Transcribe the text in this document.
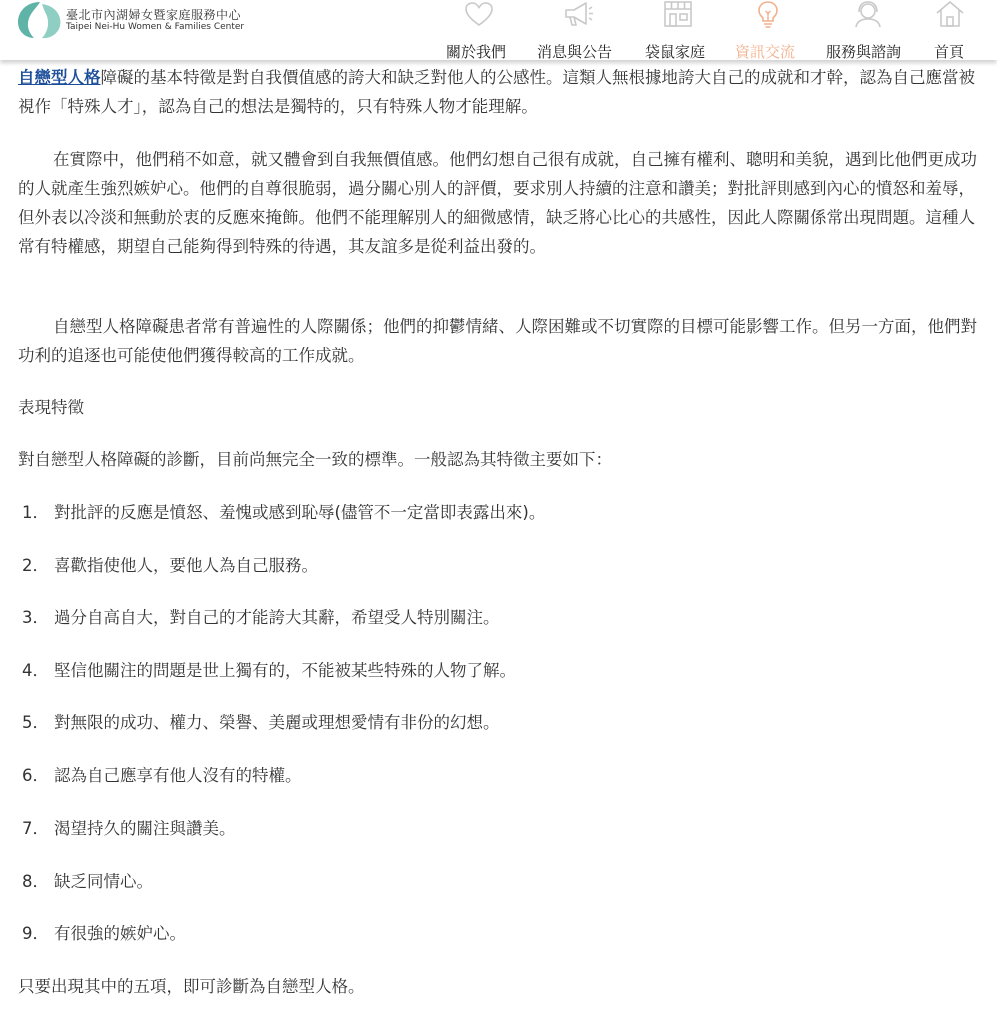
自戀型人格障礙的基本特徵是對自我價值感的誇大和缺乏對他人的公感性。這類人無根據地誇大自己的成就和才幹，認為自己應當被視作「特殊人才」，認為自己的想法是獨特的，只有特殊人物才能理解。

在實際中，他們稍不如意，就又體會到自我無價值感。他們幻想自己很有成就，自己擁有權利、聰明和美貌，遇到比他們更成功的人就產生強烈嫉妒心。他們的自尊很脆弱，過分關心別人的評價，要求別人持續的注意和讚美；對批評則感到內心的憤怒和羞辱，但外表以冷淡和無動於衷的反應來掩飾。他們不能理解別人的細微感情，缺乏將心比心的共感性，因此人際關係常出現問題。這種人常有特權感，期望自己能夠得到特殊的待遇，其友誼多是從利益出發的。

自戀型人格障礙患者常有普遍性的人際關係；他們的抑鬱情緒、人際困難或不切實際的目標可能影響工作。但另一方面，他們對功利的追逐也可能使他們獲得較高的工作成就。

表現特徵
對自戀型人格障礙的診斷，目前尚無完全一致的標準。一般認為其特徵主要如下：
1． 對批評的反應是憤怒、羞愧或感到恥辱(儘管不一定當即表露出來)。
2． 喜歡指使他人，要他人為自己服務。
3． 過分自高自大，對自己的才能誇大其辭，希望受人特別關注。
4． 堅信他關注的問題是世上獨有的，不能被某些特殊的人物了解。
5． 對無限的成功、權力、榮譽、美麗或理想愛情有非份的幻想。
6． 認為自己應享有他人沒有的特權。
7． 渴望持久的關注與讚美。
8． 缺乏同情心。
9． 有很強的嫉妒心。
只要出現其中的五項，即可診斷為自戀型人格。
臺北市內湖婦女暨家庭服務中心
Taipei Nei-Hu Women & Families Center
關於我們 消息與公告 袋鼠家庭 資訊交流 服務與諮詢 首頁
